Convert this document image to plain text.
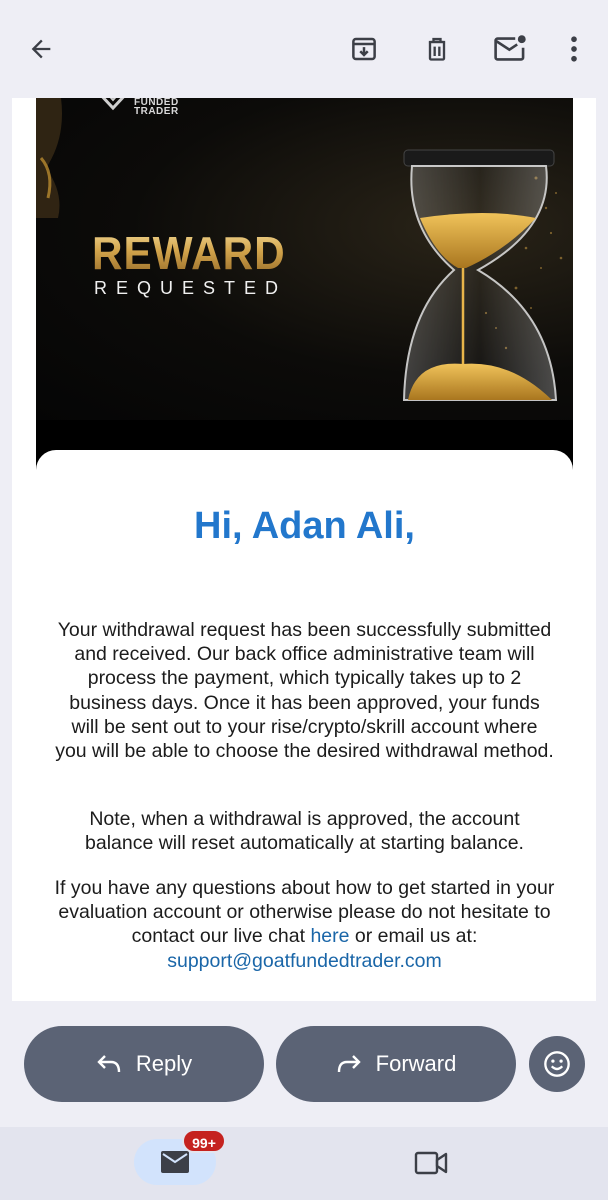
FUNDED
TRADER
REWARD
REQUESTED
Hi, Adan Ali,

Your withdrawal request has been successfully submitted and received. Our back office administrative team will process the payment, which typically takes up to 2 business days. Once it has been approved, your funds will be sent out to your rise/crypto/skrill account where you will be able to choose the desired withdrawal method.

Note, when a withdrawal is approved, the account balance will reset automatically at starting balance.

If you have any questions about how to get started in your evaluation account or otherwise please do not hesitate to contact our live chat here or email us at:
support@goatfundedtrader.com

Reply	Forward
99+
